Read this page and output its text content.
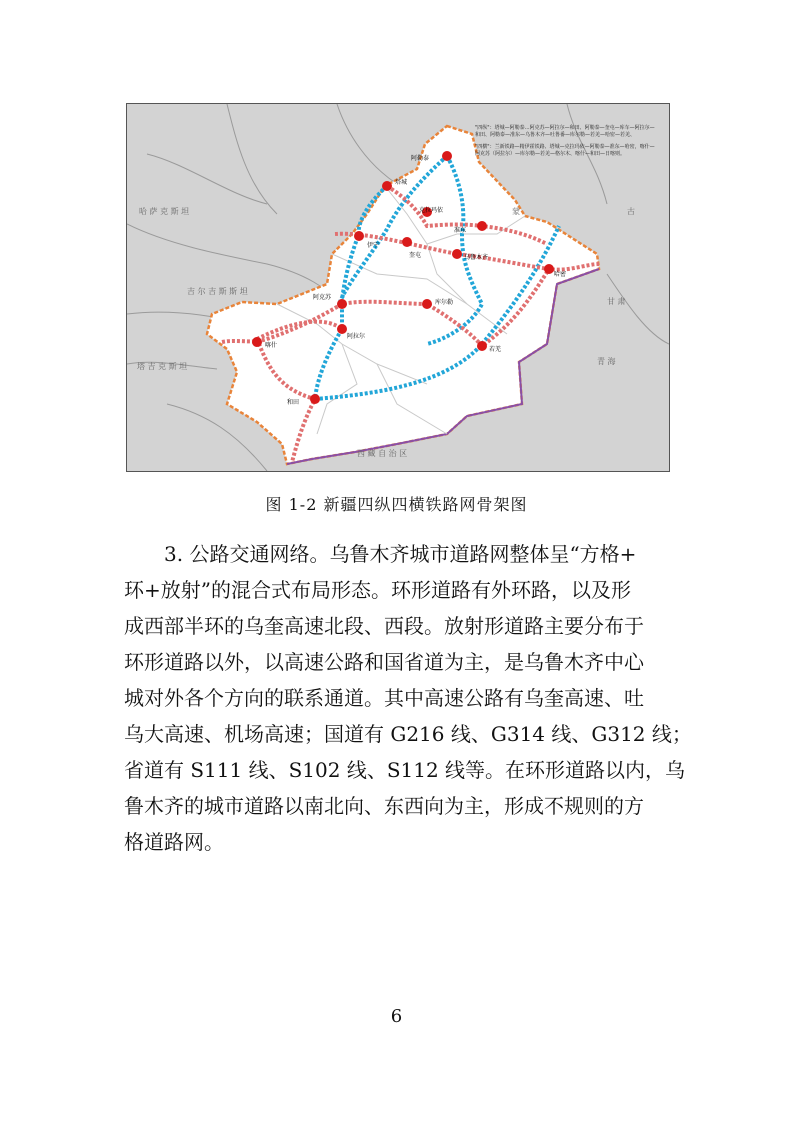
"四纵"：塔城—阿勒泰…阿克苏—阿拉尔—和田、阿勒泰—奎屯—库车—阿拉尔—
和田、阿勒泰—准东—乌鲁木齐—吐鲁番—库尔勒—若羌—哈密—若羌、
"四横"：兰新铁路—精伊霍铁路、塔城—克拉玛依—阿勒泰—准东—哈密，喀什—
阿克苏（阿拉尔）—库尔勒—若羌—格尔木、喀什—和田—日喀则。
哈 萨 克 斯 坦
吉 尔 吉 斯 斯 坦
塔 吉 克 斯 坦
西 藏 自 治 区
青 海
甘 肃
蒙	古
阿勒泰
塔城
克拉玛依
准东
伊宁
奎屯	乌鲁木齐
哈密
阿克苏
阿拉尔
库尔勒
喀什
若羌
和田
图 1-2 新疆四纵四横铁路网骨架图
3. 公路交通网络。乌鲁木齐城市道路网整体呈“方格+
环+放射”的混合式布局形态。环形道路有外环路，以及形
成西部半环的乌奎高速北段、西段。放射形道路主要分布于
环形道路以外，以高速公路和国省道为主，是乌鲁木齐中心
城对外各个方向的联系通道。其中高速公路有乌奎高速、吐
乌大高速、机场高速；国道有 G216 线、G314 线、G312 线；
省道有 S111 线、S102 线、S112 线等。在环形道路以内，乌
鲁木齐的城市道路以南北向、东西向为主，形成不规则的方
格道路网。
6
